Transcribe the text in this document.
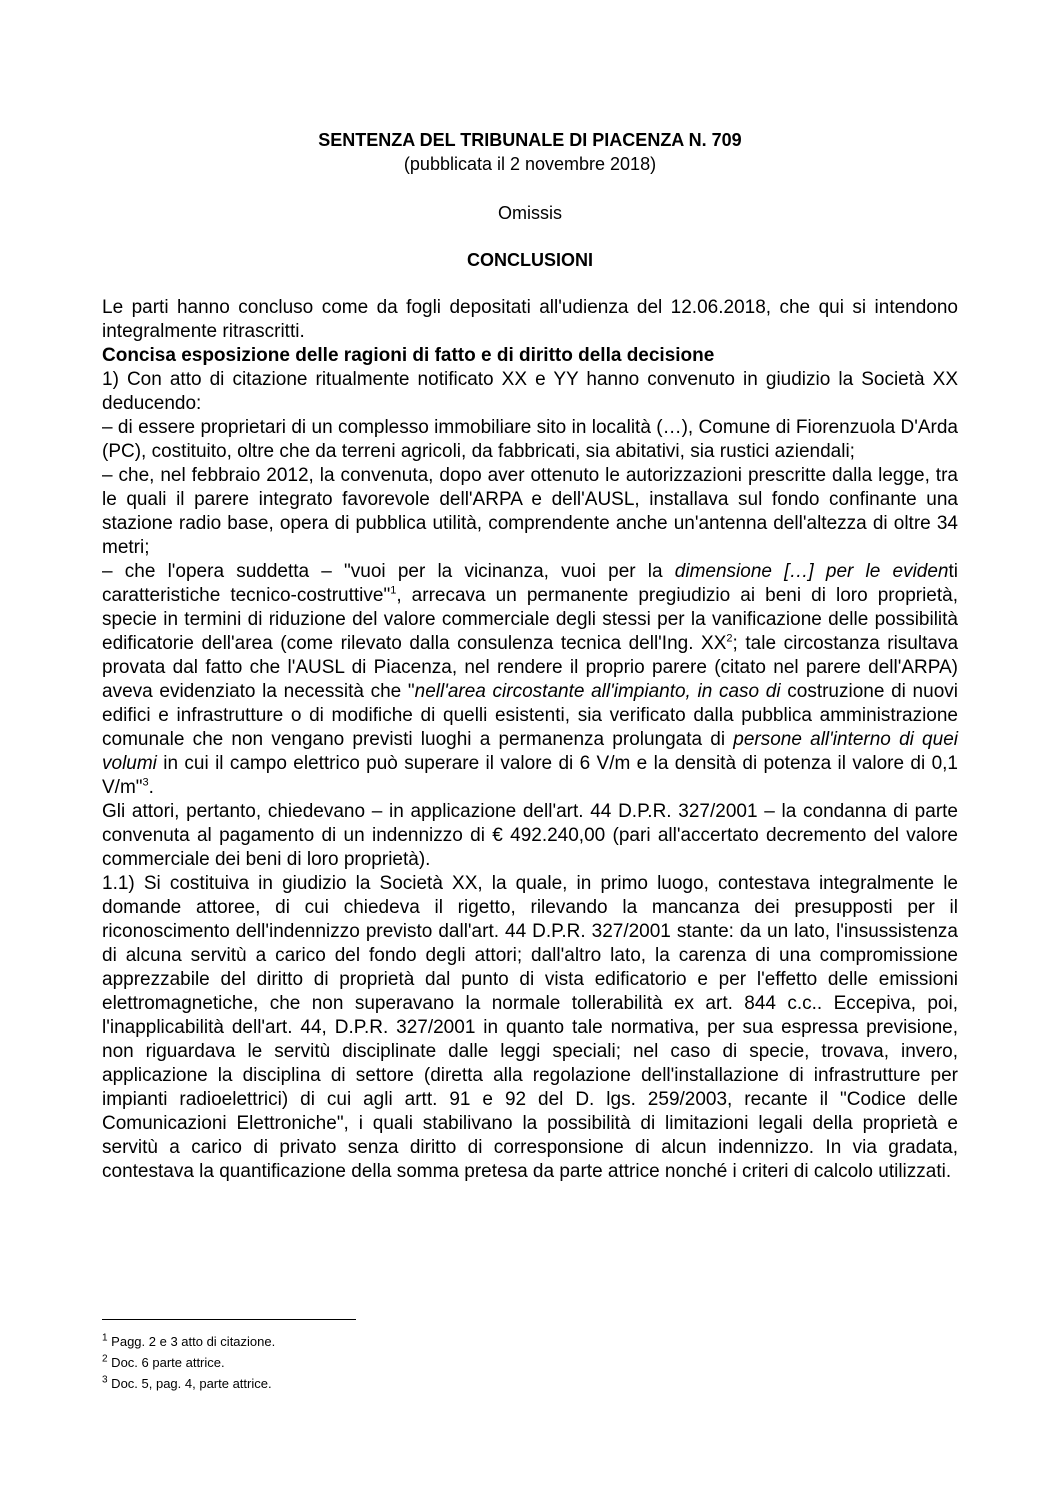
SENTENZA DEL TRIBUNALE DI PIACENZA N. 709
(pubblicata il 2 novembre 2018)
Omissis
CONCLUSIONI

Le parti hanno concluso come da fogli depositati all'udienza del 12.06.2018, che qui si intendono integralmente ritrascritti.

Concisa esposizione delle ragioni di fatto e di diritto della decisione

1) Con atto di citazione ritualmente notificato XX e YY hanno convenuto in giudizio la Società XX deducendo:

– di essere proprietari di un complesso immobiliare sito in località (…), Comune di Fiorenzuola D'Arda (PC), costituito, oltre che da terreni agricoli, da fabbricati, sia abitativi, sia rustici aziendali;

– che, nel febbraio 2012, la convenuta, dopo aver ottenuto le autorizzazioni prescritte dalla legge, tra le quali il parere integrato favorevole dell'ARPA e dell'AUSL, installava sul fondo confinante una stazione radio base, opera di pubblica utilità, comprendente anche un'antenna dell'altezza di oltre 34 metri;

– che l'opera suddetta – "vuoi per la vicinanza, vuoi per la dimensione […] per le evidenti caratteristiche tecnico-costruttive"$^1$, arrecava un permanente pregiudizio ai beni di loro proprietà, specie in termini di riduzione del valore commerciale degli stessi per la vanificazione delle possibilità edificatorie dell'area (come rilevato dalla consulenza tecnica dell'Ing. $XX^2$; tale circostanza risultava provata dal fatto che l'AUSL di Piacenza, nel rendere il proprio parere (citato nel parere dell'ARPA) aveva evidenziato la necessità che "nell'area circostante all'impianto, in caso di costruzione di nuovi edifici e infrastrutture o di modifiche di quelli esistenti, sia verificato dalla pubblica amministrazione comunale che non vengano previsti luoghi a permanenza prolungata di persone all'interno di quei volumi in cui il campo elettrico può superare il valore di 6 V/m e la densità di potenza il valore di 0,1 V/m"$^3$.

Gli attori, pertanto, chiedevano – in applicazione dell'art. 44 D.P.R. 327/2001 – la condanna di parte convenuta al pagamento di un indennizzo di € 492.240,00 (pari all'accertato decremento del valore commerciale dei beni di loro proprietà).

1.1) Si costituiva in giudizio la Società XX, la quale, in primo luogo, contestava integralmente le domande attoree, di cui chiedeva il rigetto, rilevando la mancanza dei presupposti per il riconoscimento dell'indennizzo previsto dall'art. 44 D.P.R. 327/2001 stante: da un lato, l'insussistenza di alcuna servitù a carico del fondo degli attori; dall'altro lato, la carenza di una compromissione apprezzabile del diritto di proprietà dal punto di vista edificatorio e per l'effetto delle emissioni elettromagnetiche, che non superavano la normale tollerabilità ex art. 844 c.c.. Eccepiva, poi, l'inapplicabilità dell'art. 44, D.P.R. 327/2001 in quanto tale normativa, per sua espressa previsione, non riguardava le servitù disciplinate dalle leggi speciali; nel caso di specie, trovava, invero, applicazione la disciplina di settore (diretta alla regolazione dell'installazione di infrastrutture per impianti radioelettrici) di cui agli artt. 91 e 92 del D. lgs. 259/2003, recante il "Codice delle Comunicazioni Elettroniche", i quali stabilivano la possibilità di limitazioni legali della proprietà e servitù a carico di privato senza diritto di corresponsione di alcun indennizzo. In via gradata, contestava la quantificazione della somma pretesa da parte attrice nonché i criteri di calcolo utilizzati.

$^1$ Pagg. 2 e 3 atto di citazione.
$^2$ Doc. 6 parte attrice.
$^3$ Doc. 5, pag. 4, parte attrice.
